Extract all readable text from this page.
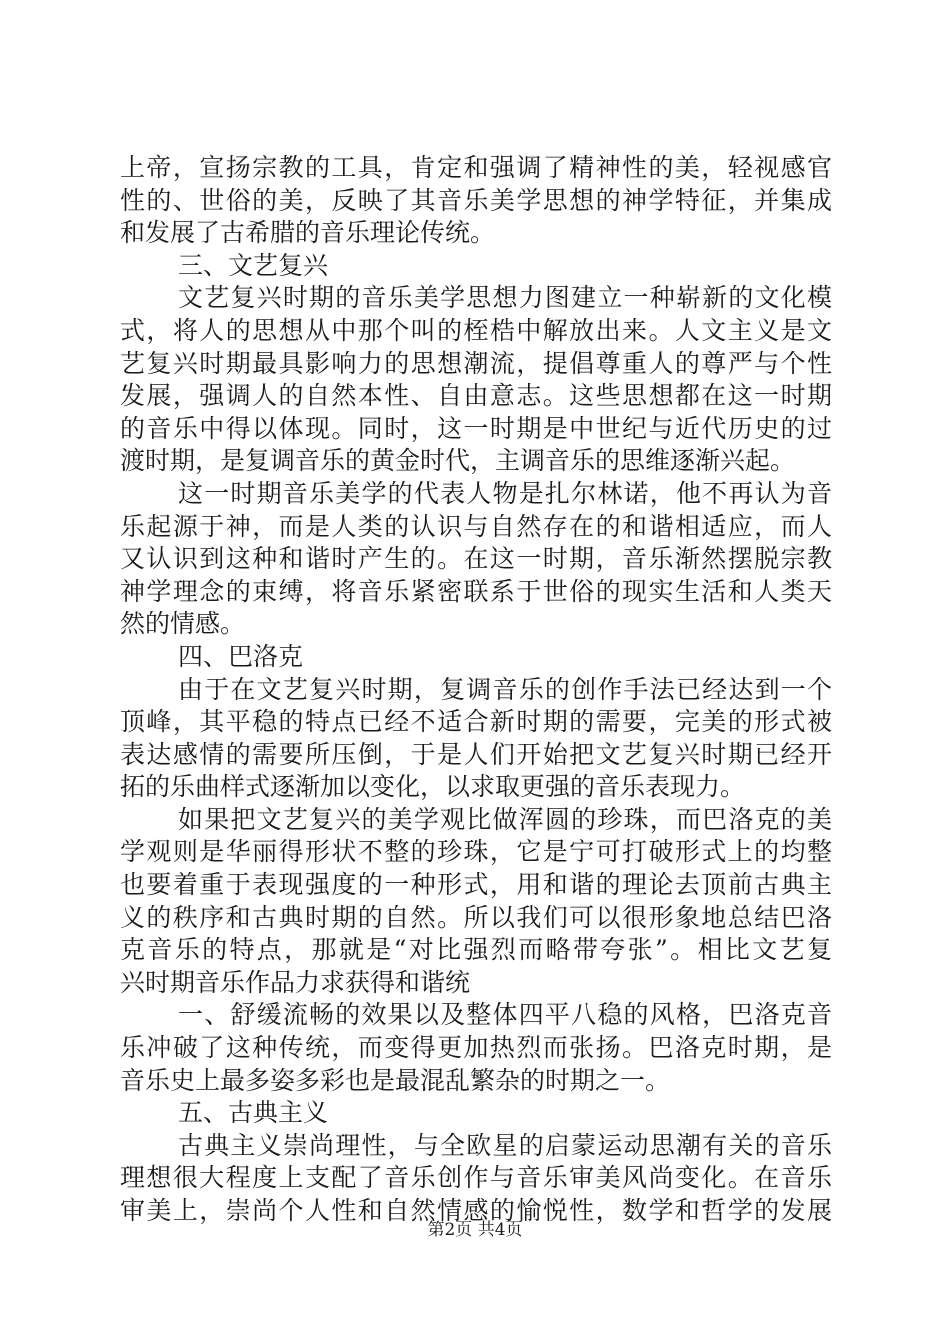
上帝，宣扬宗教的工具，肯定和强调了精神性的美，轻视感官
性的、世俗的美，反映了其音乐美学思想的神学特征，并集成
和发展了古希腊的音乐理论传统。
三、文艺复兴
文艺复兴时期的音乐美学思想力图建立一种崭新的文化模
式，将人的思想从中那个叫的桎梏中解放出来。人文主义是文
艺复兴时期最具影响力的思想潮流，提倡尊重人的尊严与个性
发展，强调人的自然本性、自由意志。这些思想都在这一时期
的音乐中得以体现。同时，这一时期是中世纪与近代历史的过
渡时期，是复调音乐的黄金时代，主调音乐的思维逐渐兴起。
这一时期音乐美学的代表人物是扎尔林诺，他不再认为音
乐起源于神，而是人类的认识与自然存在的和谐相适应，而人
又认识到这种和谐时产生的。在这一时期，音乐渐然摆脱宗教
神学理念的束缚，将音乐紧密联系于世俗的现实生活和人类天
然的情感。
四、巴洛克
由于在文艺复兴时期，复调音乐的创作手法已经达到一个
顶峰，其平稳的特点已经不适合新时期的需要，完美的形式被
表达感情的需要所压倒，于是人们开始把文艺复兴时期已经开
拓的乐曲样式逐渐加以变化，以求取更强的音乐表现力。
如果把文艺复兴的美学观比做浑圆的珍珠，而巴洛克的美
学观则是华丽得形状不整的珍珠，它是宁可打破形式上的均整
也要着重于表现强度的一种形式，用和谐的理论去顶前古典主
义的秩序和古典时期的自然。所以我们可以很形象地总结巴洛
克音乐的特点，那就是“对比强烈而略带夸张”。相比文艺复
兴时期音乐作品力求获得和谐统
一、舒缓流畅的效果以及整体四平八稳的风格，巴洛克音
乐冲破了这种传统，而变得更加热烈而张扬。巴洛克时期，是
音乐史上最多姿多彩也是最混乱繁杂的时期之一。
五、古典主义
古典主义崇尚理性，与全欧星的启蒙运动思潮有关的音乐
理想很大程度上支配了音乐创作与音乐审美风尚变化。在音乐
审美上，崇尚个人性和自然情感的愉悦性，数学和哲学的发展
第2页 共4页
